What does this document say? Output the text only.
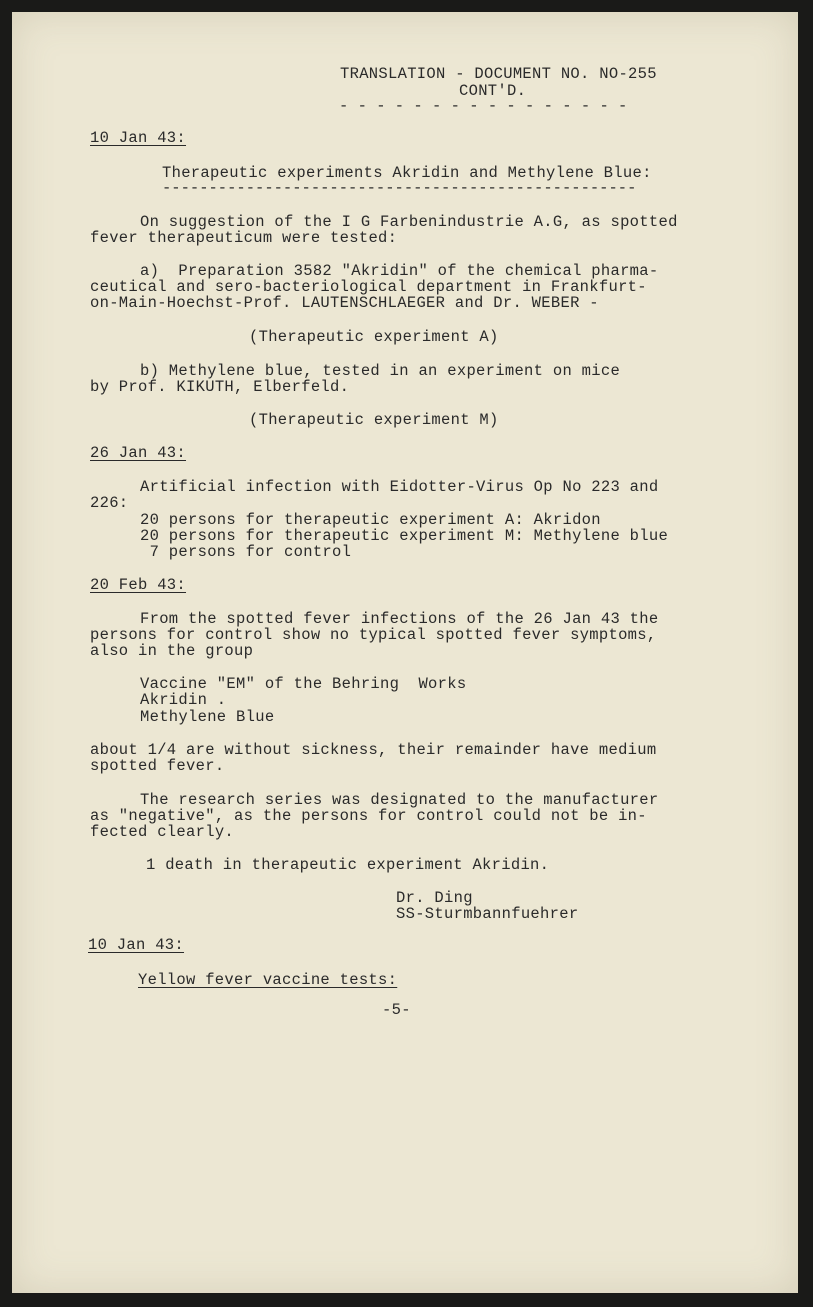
TRANSLATION - DOCUMENT NO. NO-255
CONT'D.
- - - - - - - - - - - - - - - -
10 Jan 43:
Therapeutic experiments Akridin and Methylene Blue:
---------------------------------------------------
On suggestion of the I G Farbenindustrie A.G, as spotted
fever therapeuticum were tested:
a)  Preparation 3582 "Akridin" of the chemical pharma-
ceutical and sero-bacteriological department in Frankfurt-
on-Main-Hoechst-Prof. LAUTENSCHLAEGER and Dr. WEBER -
(Therapeutic experiment A)
b) Methylene blue, tested in an experiment on mice
by Prof. KIKUTH, Elberfeld.
(Therapeutic experiment M)
26 Jan 43:
Artificial infection with Eidotter-Virus Op No 223 and
226:
20 persons for therapeutic experiment A: Akridon
20 persons for therapeutic experiment M: Methylene blue
7 persons for control
20 Feb 43:
From the spotted fever infections of the 26 Jan 43 the
persons for control show no typical spotted fever symptoms,
also in the group
Vaccine "EM" of the Behring  Works
Akridin .
Methylene Blue
about 1/4 are without sickness, their remainder have medium
spotted fever.
The research series was designated to the manufacturer
as "negative", as the persons for control could not be in-
fected clearly.
1 death in therapeutic experiment Akridin.
Dr. Ding
SS-Sturmbannfuehrer
10 Jan 43:
Yellow fever vaccine tests:
-5-
